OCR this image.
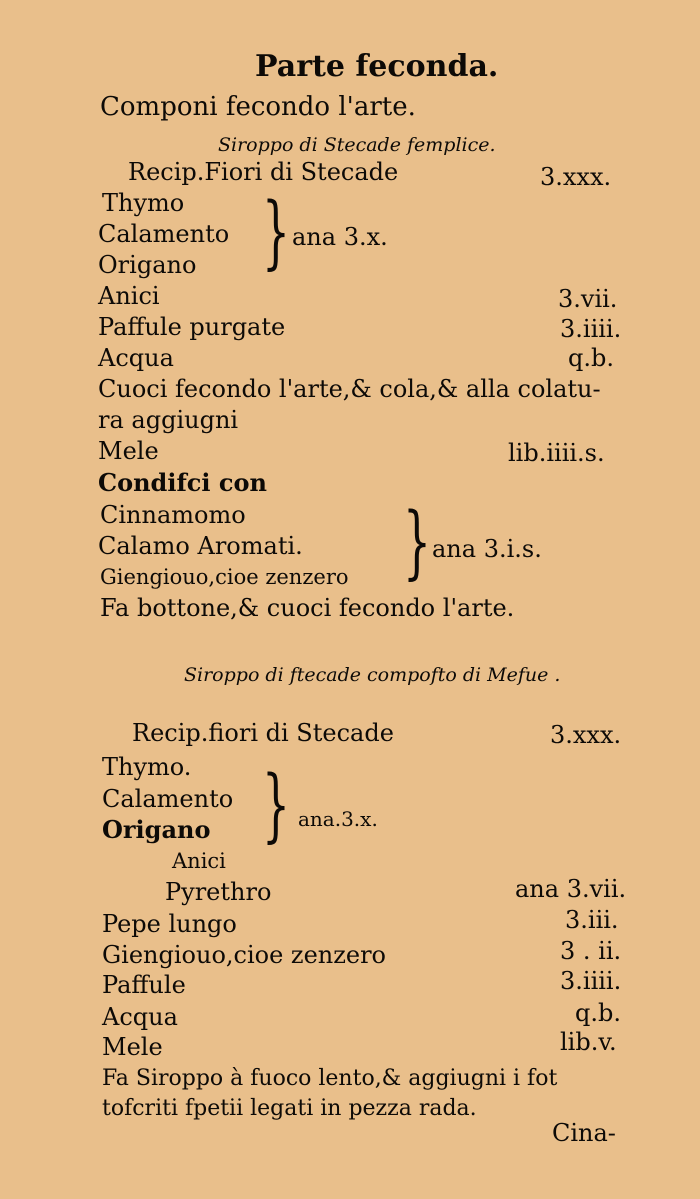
Parte feconda.
Componi fecondo l'arte.
Siroppo di Stecade femplice.
Recip.Fiori di Stecade	3.xxx.
Thymo
Calamento
Origano } ana 3.x.
Anici	3.vii.
Paffule purgate	3.iiii.
Acqua	q.b.
Cuoci fecondo l'arte,& cola,& alla colatu-
ra aggiugni
Mele	lib.iiii.s.
Condifci con
Cinnamomo
Calamo Aromati.
Giengiouo,cioe zenzero } ana 3.i.s.
Fa bottone,& cuoci fecondo l'arte.
Siroppo di ftecade compofto di Mefue .
Recip.fiori di Stecade	3.xxx.
Thymo.
Calamento
Origano } ana.3.x.
Anici
Pyrethro	ana 3.vii.
Pepe lungo	3.iii.
Giengiouo,cioe zenzero	3 . ii.
Paffule	3.iiii.
Acqua	q.b.
Mele	lib.v.
Fa Siroppo à fuoco lento,& aggiugni i fot
tofcriti fpetii legati in pezza rada.
Cina-
